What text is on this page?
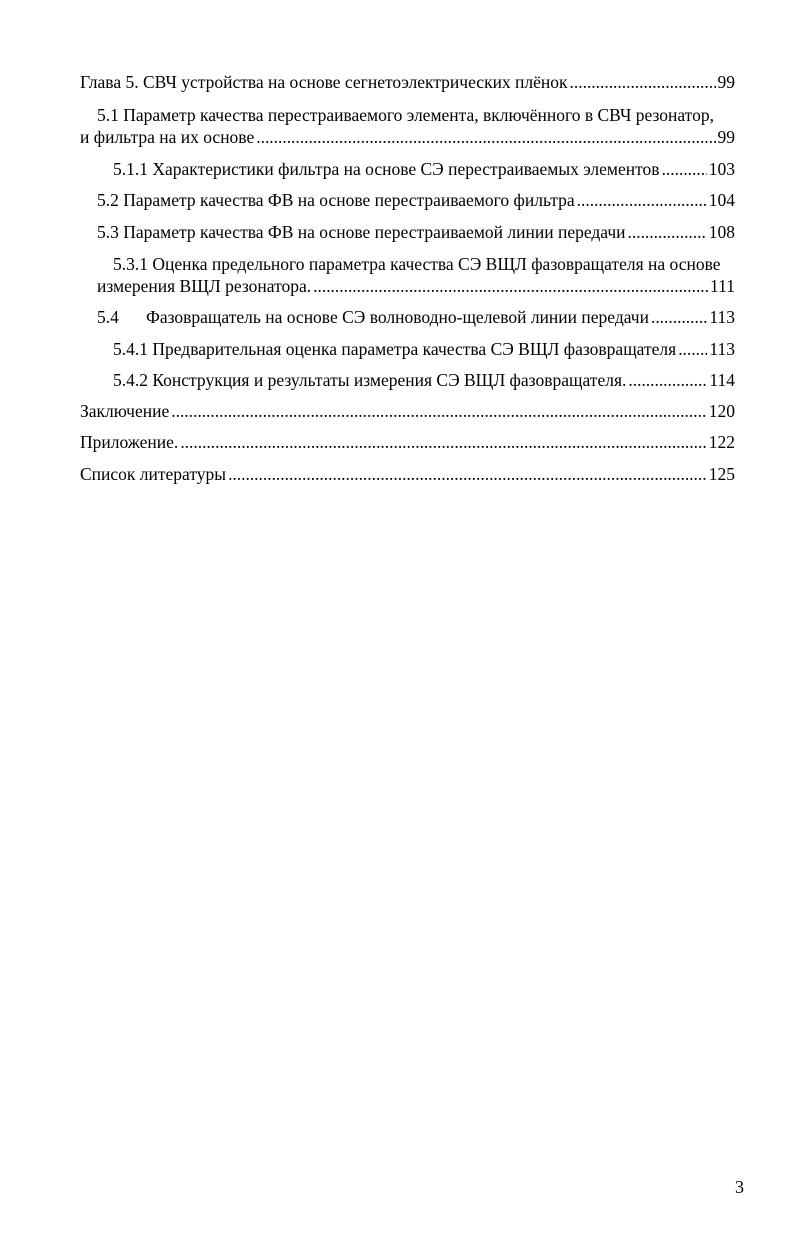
Глава 5. СВЧ устройства на основе сегнетоэлектрических плёнок . . .	99
5.1 Параметр качества перестраиваемого элемента, включённого в СВЧ резонатор,
и фильтра на их основе . . .	99
5.1.1 Характеристики фильтра на основе СЭ перестраиваемых элементов . . .	103
5.2 Параметр качества ФВ на основе перестраиваемого фильтра . . .	104
5.3 Параметр качества ФВ на основе перестраиваемой линии передачи . . .	108
5.3.1 Оценка предельного параметра качества СЭ ВЩЛ фазовращателя на основе
измерения ВЩЛ резонатора. . . .	111
5.4 Фазовращатель на основе СЭ волноводно-щелевой линии передачи . . .	113
5.4.1 Предварительная оценка параметра качества СЭ ВЩЛ фазовращателя . . . 113
5.4.2 Конструкция и результаты измерения СЭ ВЩЛ фазовращателя. . . .	114
Заключение . . .	120
Приложение. . . .	122
Список литературы . . .	125
3
